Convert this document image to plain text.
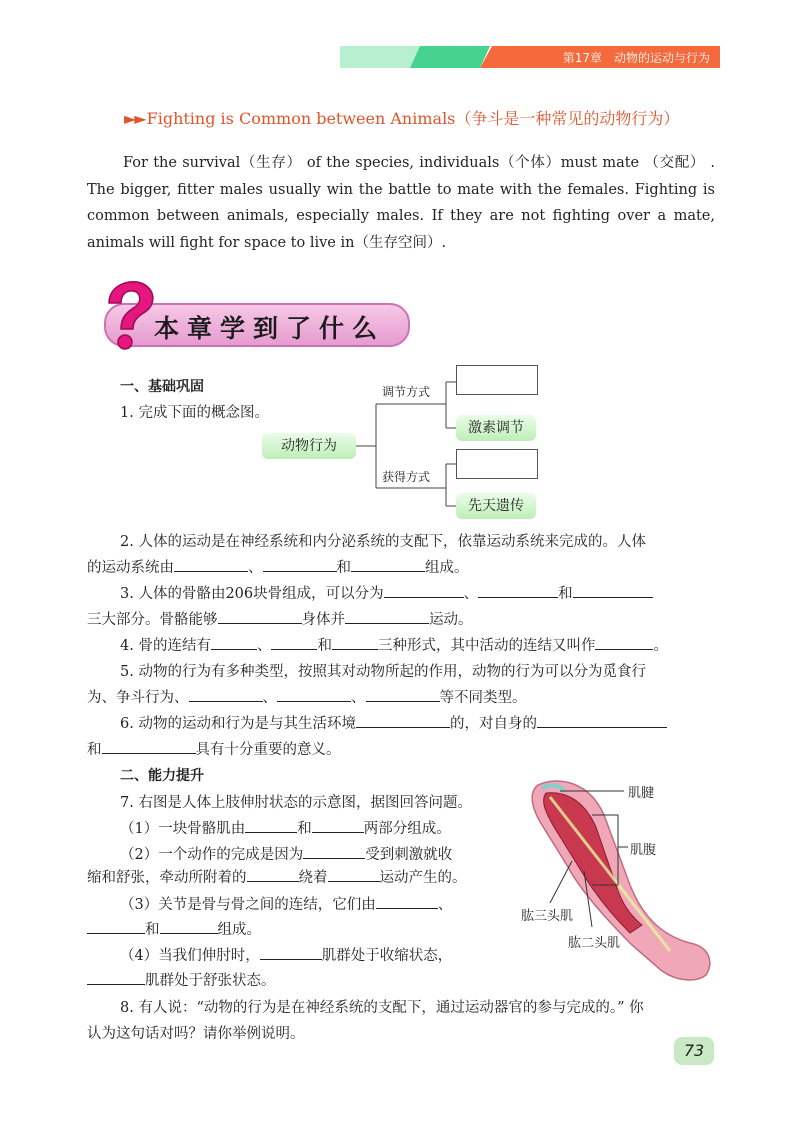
第17章　动物的运动与行为
►► Fighting is Common between Animals（争斗是一种常见的动物行为）
For the survival（生存） of the species, individuals（个体）must mate （交配） . The bigger, fitter males usually win the battle to mate with the females. Fighting is common between animals, especially males. If they are not fighting over a mate, animals will fight for space to live in（生存空间）.
本章学到了什么
一、基础巩固
1. 完成下面的概念图。
动物行为
调节方式
激素调节
获得方式
先天遗传
2. 人体的运动是在神经系统和内分泌系统的支配下，依靠运动系统来完成的。人体
的运动系统由	、	和	组成。
3. 人体的骨骼由206块骨组成，可以分为	、	和
三大部分。骨骼能够	身体并	运动。
4. 骨的连结有	、	和	三种形式，其中活动的连结又叫作	。
5. 动物的行为有多种类型，按照其对动物所起的作用，动物的行为可以分为觅食行
为、争斗行为、	、	、	等不同类型。
6. 动物的运动和行为是与其生活环境	的，对自身的
和	具有十分重要的意义。
二、能力提升
7. 右图是人体上肢伸肘状态的示意图，据图回答问题。
（1）一块骨骼肌由	和	两部分组成。
（2）一个动作的完成是因为	受到刺激就收
缩和舒张，牵动所附着的	绕着	运动产生的。
（3）关节是骨与骨之间的连结，它们由	、
和	组成。
（4）当我们伸肘时，	肌群处于收缩状态，
肌群处于舒张状态。
8. 有人说：“动物的行为是在神经系统的支配下，通过运动器官的参与完成的。” 你
认为这句话对吗？请你举例说明。
肌腱
肌腹
肱三头肌
肱二头肌
73
